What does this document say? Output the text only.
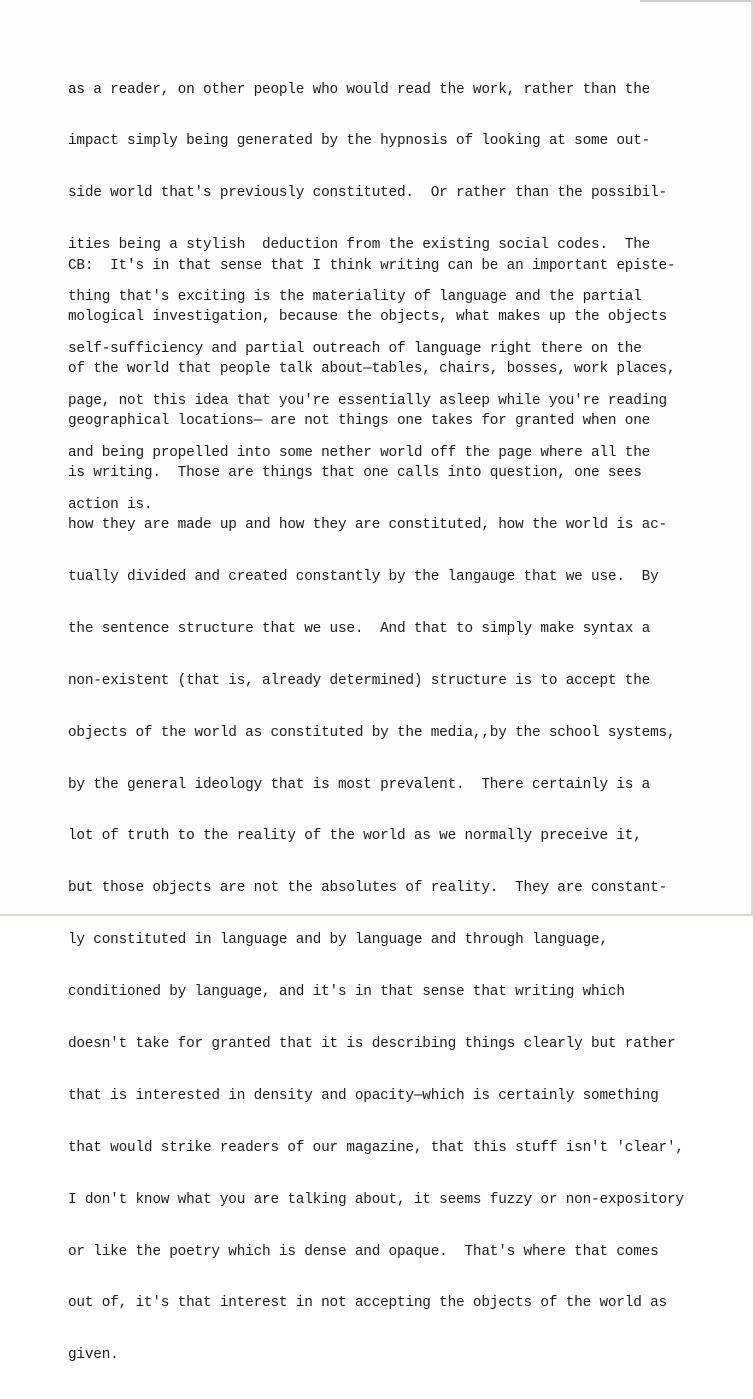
as a reader, on other people who would read the work, rather than the

impact simply being generated by the hypnosis of looking at some out-

side world that's previously constituted.  Or rather than the possibil-

ities being a stylish  deduction from the existing social codes.  The

thing that's exciting is the materiality of language and the partial

self-sufficiency and partial outreach of language right there on the

page, not this idea that you're essentially asleep while you're reading

and being propelled into some nether world off the page where all the

action is.

CB:  It's in that sense that I think writing can be an important episte-

mological investigation, because the objects, what makes up the objects

of the world that people talk about—tables, chairs, bosses, work places,

geographical locations— are not things one takes for granted when one

is writing.  Those are things that one calls into question, one sees

how they are made up and how they are constituted, how the world is ac-

tually divided and created constantly by the langauge that we use.  By

the sentence structure that we use.  And that to simply make syntax a

non-existent (that is, already determined) structure is to accept the

objects of the world as constituted by the media,,by the school systems,

by the general ideology that is most prevalent.  There certainly is a

lot of truth to the reality of the world as we normally preceive it,

but those objects are not the absolutes of reality.  They are constant-

ly constituted in language and by language and through language,

conditioned by language, and it's in that sense that writing which

doesn't take for granted that it is describing things clearly but rather

that is interested in density and opacity—which is certainly something

that would strike readers of our magazine, that this stuff isn't 'clear',

I don't know what you are talking about, it seems fuzzy or non-expository

or like the poetry which is dense and opaque.  That's where that comes

out of, it's that interest in not accepting the objects of the world as

given.
